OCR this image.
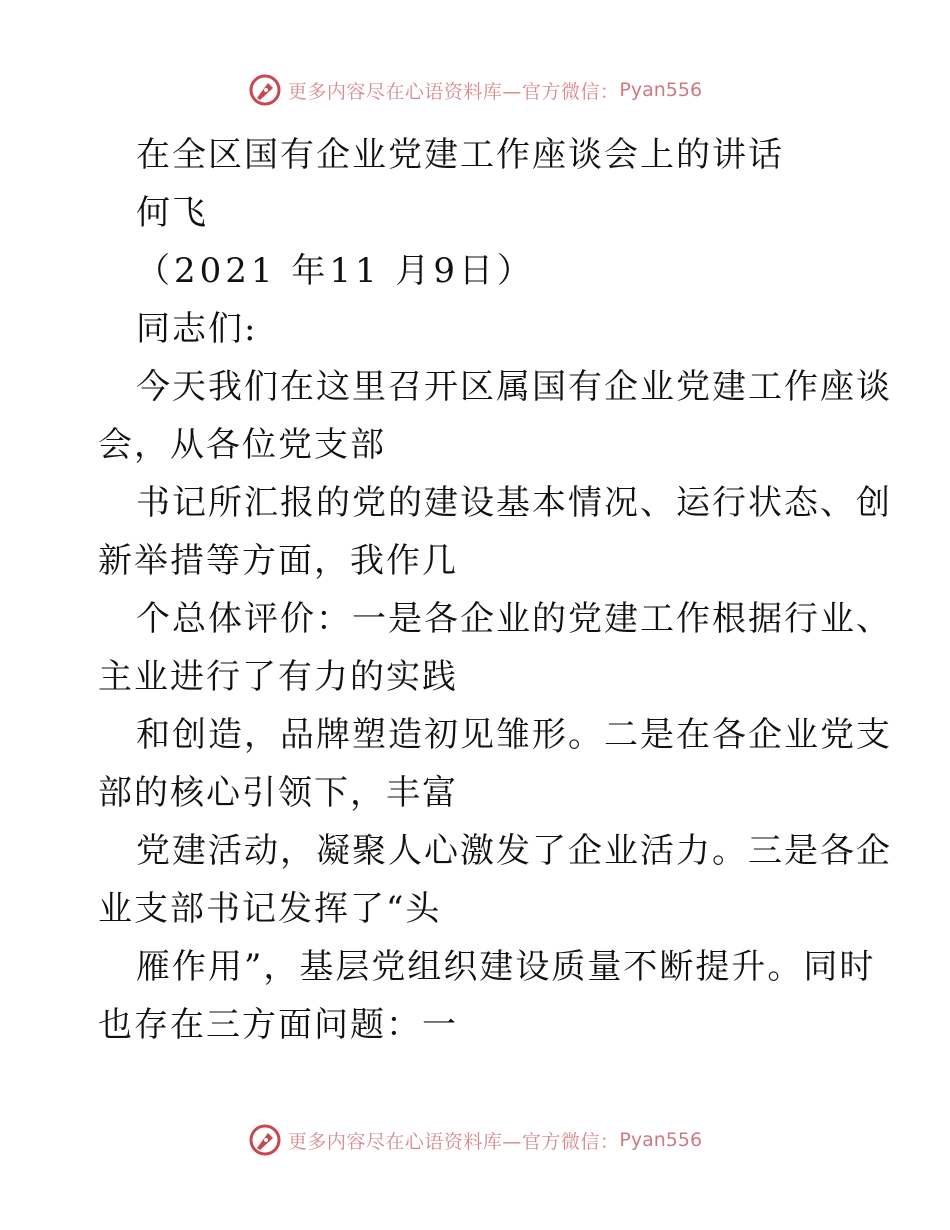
更多内容尽在心语资料库—官方微信： Pyan556
在全区国有企业党建工作座谈会上的讲话
何飞
（2021 年11 月9日）
同志们:
今天我们在这里召开区属国有企业党建工作座谈
会，从各位党支部
书记所汇报的党的建设基本情况、运行状态、创
新举措等方面，我作几
个总体评价：一是各企业的党建工作根据行业、
主业进行了有力的实践
和创造，品牌塑造初见雏形。二是在各企业党支
部的核心引领下，丰富
党建活动，凝聚人心激发了企业活力。三是各企
业支部书记发挥了“头
雁作用”，基层党组织建设质量不断提升。同时
也存在三方面问题：一
更多内容尽在心语资料库—官方微信： Pyan556
